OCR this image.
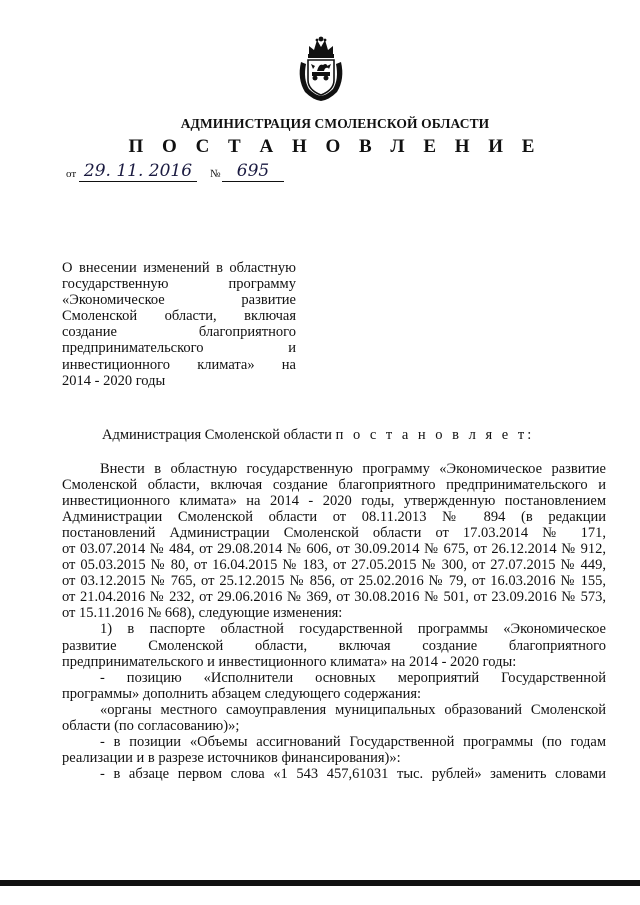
АДМИНИСТРАЦИЯ СМОЛЕНСКОЙ ОБЛАСТИ
П О С Т А Н О В Л Е Н И Е
от 29. 11. 2016	№ 695
О внесении изменений в областную
государственную программу
«Экономическое развитие
Смоленской области, включая
создание благоприятного
предпринимательского и
инвестиционного климата» на
2014 - 2020 годы
Администрация Смоленской области п о с т а н о в л я е т:
Внести в областную государственную программу «Экономическое развитие
Смоленской области, включая создание благоприятного предпринимательского и
инвестиционного климата» на 2014 - 2020 годы, утвержденную постановлением
Администрации Смоленской области от 08.11.2013 № 894 (в редакции
постановлений Администрации Смоленской области от 17.03.2014 № 171,
от 03.07.2014 № 484, от 29.08.2014 № 606, от 30.09.2014 № 675, от 26.12.2014 № 912,
от 05.03.2015 № 80, от 16.04.2015 № 183, от 27.05.2015 № 300, от 27.07.2015 № 449,
от 03.12.2015 № 765, от 25.12.2015 № 856, от 25.02.2016 № 79, от 16.03.2016 № 155,
от 21.04.2016 № 232, от 29.06.2016 № 369, от 30.08.2016 № 501, от 23.09.2016 № 573,
от 15.11.2016 № 668), следующие изменения:
1) в паспорте областной государственной программы «Экономическое
развитие Смоленской области, включая создание благоприятного
предпринимательского и инвестиционного климата» на 2014 - 2020 годы:
- позицию «Исполнители основных мероприятий Государственной
программы» дополнить абзацем следующего содержания:
«органы местного самоуправления муниципальных образований Смоленской
области (по согласованию)»;
- в позиции «Объемы ассигнований Государственной программы (по годам
реализации и в разрезе источников финансирования)»:
- в абзаце первом слова «1 543 457,61031 тыс. рублей» заменить словами
